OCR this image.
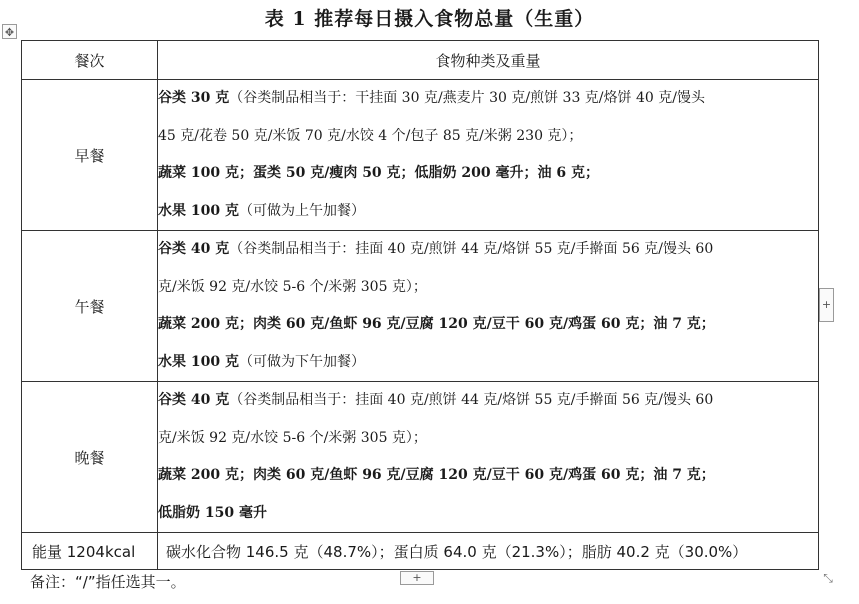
表 1 推荐每日摄入食物总量（生重）
✥
餐次	食物种类及重量
早餐	谷类 30 克（谷类制品相当于：干挂面 30 克/燕麦片 30 克/煎饼 33 克/烙饼 40 克/馒头
45 克/花卷 50 克/米饭 70 克/水饺 4 个/包子 85 克/米粥 230 克）；
蔬菜 100 克；蛋类 50 克/瘦肉 50 克；低脂奶 200 毫升；油 6 克；
水果 100 克（可做为上午加餐）

午餐	谷类 40 克（谷类制品相当于：挂面 40 克/煎饼 44 克/烙饼 55 克/手擀面 56 克/馒头 60
克/米饭 92 克/水饺 5-6 个/米粥 305 克）；
蔬菜 200 克；肉类 60 克/鱼虾 96 克/豆腐 120 克/豆干 60 克/鸡蛋 60 克；油 7 克；
水果 100 克（可做为下午加餐）

晚餐	谷类 40 克（谷类制品相当于：挂面 40 克/煎饼 44 克/烙饼 55 克/手擀面 56 克/馒头 60
克/米饭 92 克/水饺 5-6 个/米粥 305 克）；
蔬菜 200 克；肉类 60 克/鱼虾 96 克/豆腐 120 克/豆干 60 克/鸡蛋 60 克；油 7 克；
低脂奶 150 毫升

能量 1204kcal	碳水化合物 146.5 克（48.7%）；蛋白质 64.0 克（21.3%）；脂肪 40.2 克（30.0%）
+
备注：“/”指任选其一。	+	⤡
